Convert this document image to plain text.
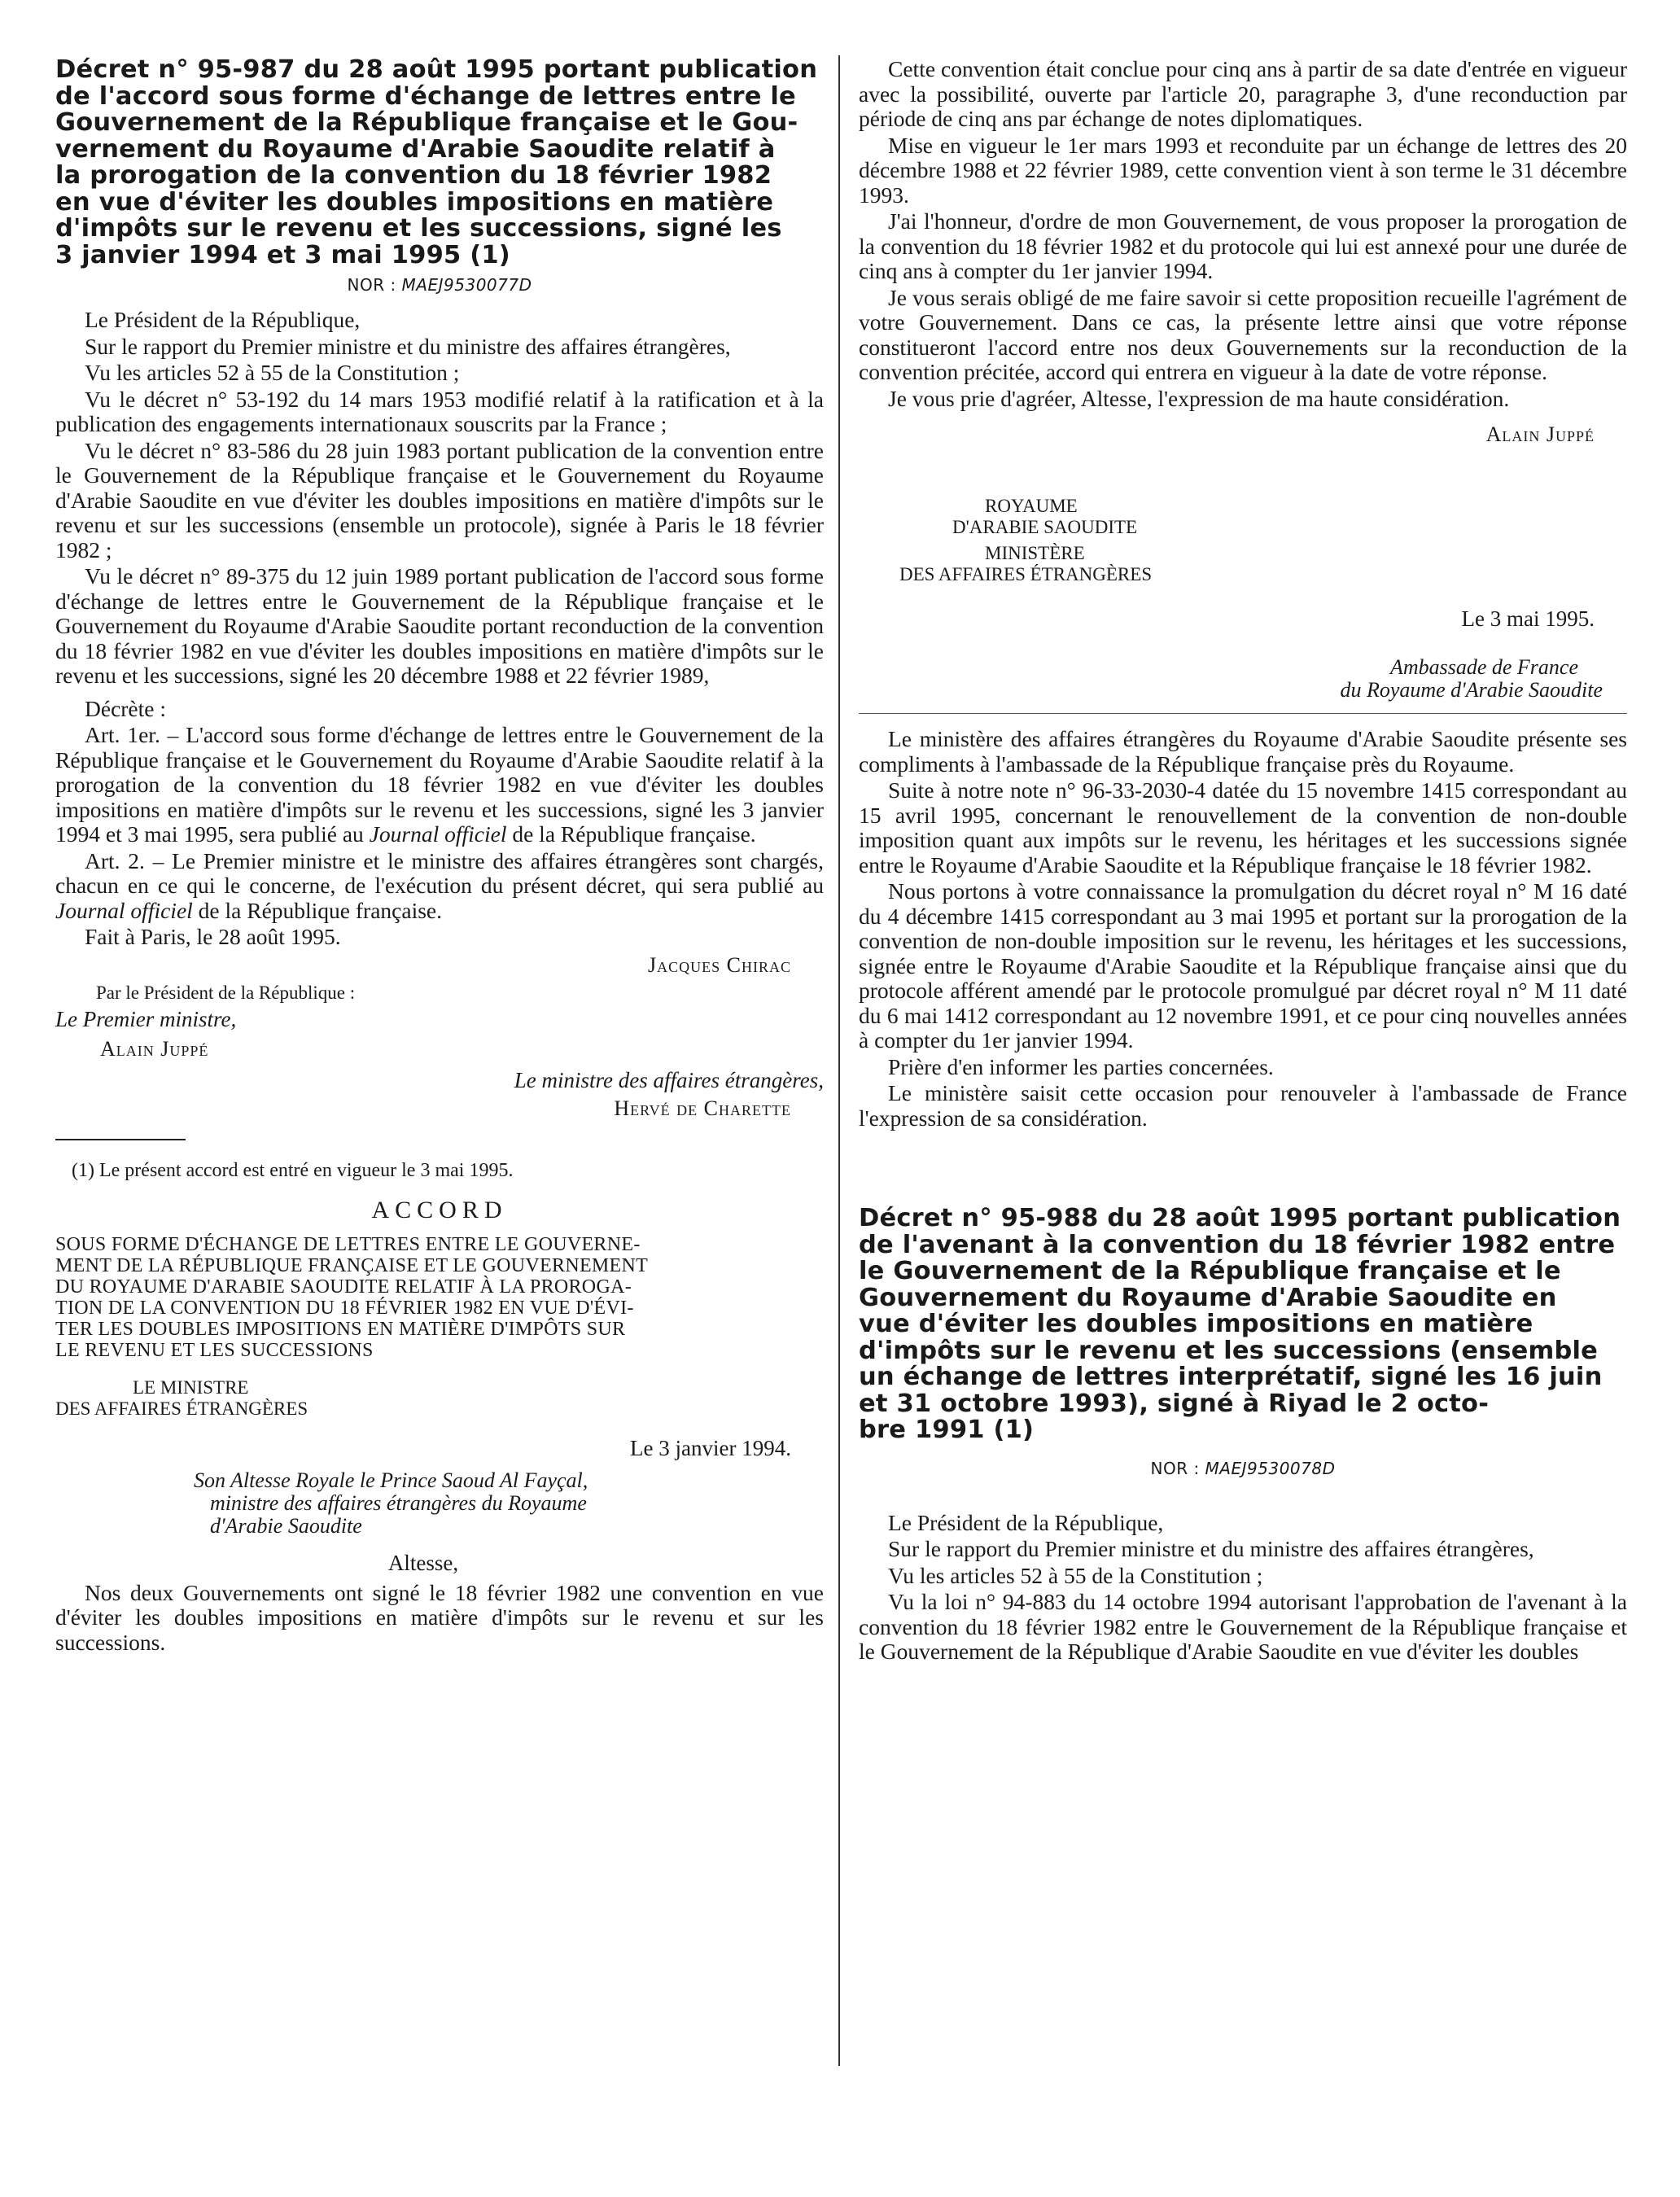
Décret n° 95-987 du 28 août 1995 portant publication
de l'accord sous forme d'échange de lettres entre le
Gouvernement de la République française et le Gou-
vernement du Royaume d'Arabie Saoudite relatif à
la prorogation de la convention du 18 février 1982
en vue d'éviter les doubles impositions en matière
d'impôts sur le revenu et les successions, signé les
3 janvier 1994 et 3 mai 1995 (1)
NOR : MAEJ9530077D

Le Président de la République,

Sur le rapport du Premier ministre et du ministre des affaires étrangères,

Vu les articles 52 à 55 de la Constitution ;

Vu le décret n° 53-192 du 14 mars 1953 modifié relatif à la ratification et à la publication des engagements internationaux souscrits par la France ;

Vu le décret n° 83-586 du 28 juin 1983 portant publication de la convention entre le Gouvernement de la République française et le Gouvernement du Royaume d'Arabie Saoudite en vue d'éviter les doubles impositions en matière d'impôts sur le revenu et sur les successions (ensemble un protocole), signée à Paris le 18 février 1982 ;

Vu le décret n° 89-375 du 12 juin 1989 portant publication de l'accord sous forme d'échange de lettres entre le Gouvernement de la République française et le Gouvernement du Royaume d'Arabie Saoudite portant reconduction de la convention du 18 février 1982 en vue d'éviter les doubles impositions en matière d'impôts sur le revenu et les successions, signé les 20 décembre 1988 et 22 février 1989,

Décrète :

Art. 1er. – L'accord sous forme d'échange de lettres entre le Gouvernement de la République française et le Gouvernement du Royaume d'Arabie Saoudite relatif à la prorogation de la convention du 18 février 1982 en vue d'éviter les doubles impositions en matière d'impôts sur le revenu et les successions, signé les 3 janvier 1994 et 3 mai 1995, sera publié au Journal officiel de la République française.

Art. 2. – Le Premier ministre et le ministre des affaires étrangères sont chargés, chacun en ce qui le concerne, de l'exécution du présent décret, qui sera publié au Journal officiel de la République française.

Fait à Paris, le 28 août 1995.

Jacques Chirac
Par le Président de la République :
Le Premier ministre,
Alain Juppé
Le ministre des affaires étrangères,
Hervé de Charette
(1) Le présent accord est entré en vigueur le 3 mai 1995.
ACCORD
SOUS FORME D'ÉCHANGE DE LETTRES ENTRE LE GOUVERNE-
MENT DE LA RÉPUBLIQUE FRANÇAISE ET LE GOUVERNEMENT
DU ROYAUME D'ARABIE SAOUDITE RELATIF À LA PROROGA-
TION DE LA CONVENTION DU 18 FÉVRIER 1982 EN VUE D'ÉVI-
TER LES DOUBLES IMPOSITIONS EN MATIÈRE D'IMPÔTS SUR
LE REVENU ET LES SUCCESSIONS
LE MINISTRE
DES AFFAIRES ÉTRANGÈRES
Le 3 janvier 1994.
Son Altesse Royale le Prince Saoud Al Fayçal,
ministre des affaires étrangères du Royaume
d'Arabie Saoudite
Altesse,

Nos deux Gouvernements ont signé le 18 février 1982 une convention en vue d'éviter les doubles impositions en matière d'impôts sur le revenu et sur les successions.

Cette convention était conclue pour cinq ans à partir de sa date d'entrée en vigueur avec la possibilité, ouverte par l'article 20, paragraphe 3, d'une reconduction par période de cinq ans par échange de notes diplomatiques.

Mise en vigueur le 1er mars 1993 et reconduite par un échange de lettres des 20 décembre 1988 et 22 février 1989, cette convention vient à son terme le 31 décembre 1993.

J'ai l'honneur, d'ordre de mon Gouvernement, de vous proposer la prorogation de la convention du 18 février 1982 et du protocole qui lui est annexé pour une durée de cinq ans à compter du 1er janvier 1994.

Je vous serais obligé de me faire savoir si cette proposition recueille l'agrément de votre Gouvernement. Dans ce cas, la présente lettre ainsi que votre réponse constitueront l'accord entre nos deux Gouvernements sur la reconduction de la convention précitée, accord qui entrera en vigueur à la date de votre réponse.

Je vous prie d'agréer, Altesse, l'expression de ma haute considération.

Alain Juppé
ROYAUME
D'ARABIE SAOUDITE
MINISTÈRE
DES AFFAIRES ÉTRANGÈRES
Le 3 mai 1995.
Ambassade de France
du Royaume d'Arabie Saoudite

Le ministère des affaires étrangères du Royaume d'Arabie Saoudite présente ses compliments à l'ambassade de la République française près du Royaume.

Suite à notre note n° 96-33-2030-4 datée du 15 novembre 1415 correspondant au 15 avril 1995, concernant le renouvellement de la convention de non-double imposition quant aux impôts sur le revenu, les héritages et les successions signée entre le Royaume d'Arabie Saoudite et la République française le 18 février 1982.

Nous portons à votre connaissance la promulgation du décret royal n° M 16 daté du 4 décembre 1415 correspondant au 3 mai 1995 et portant sur la prorogation de la convention de non-double imposition sur le revenu, les héritages et les successions, signée entre le Royaume d'Arabie Saoudite et la République française ainsi que du protocole afférent amendé par le protocole promulgué par décret royal n° M 11 daté du 6 mai 1412 correspondant au 12 novembre 1991, et ce pour cinq nouvelles années à compter du 1er janvier 1994.

Prière d'en informer les parties concernées.

Le ministère saisit cette occasion pour renouveler à l'ambassade de France l'expression de sa considération.

Décret n° 95-988 du 28 août 1995 portant publication
de l'avenant à la convention du 18 février 1982 entre
le Gouvernement de la République française et le
Gouvernement du Royaume d'Arabie Saoudite en
vue d'éviter les doubles impositions en matière
d'impôts sur le revenu et les successions (ensemble
un échange de lettres interprétatif, signé les 16 juin
et 31 octobre 1993), signé à Riyad le 2 octo-
bre 1991 (1)
NOR : MAEJ9530078D

Le Président de la République,

Sur le rapport du Premier ministre et du ministre des affaires étrangères,

Vu les articles 52 à 55 de la Constitution ;

Vu la loi n° 94-883 du 14 octobre 1994 autorisant l'approbation de l'avenant à la convention du 18 février 1982 entre le Gouvernement de la République française et le Gouvernement de la République d'Arabie Saoudite en vue d'éviter les doubles
